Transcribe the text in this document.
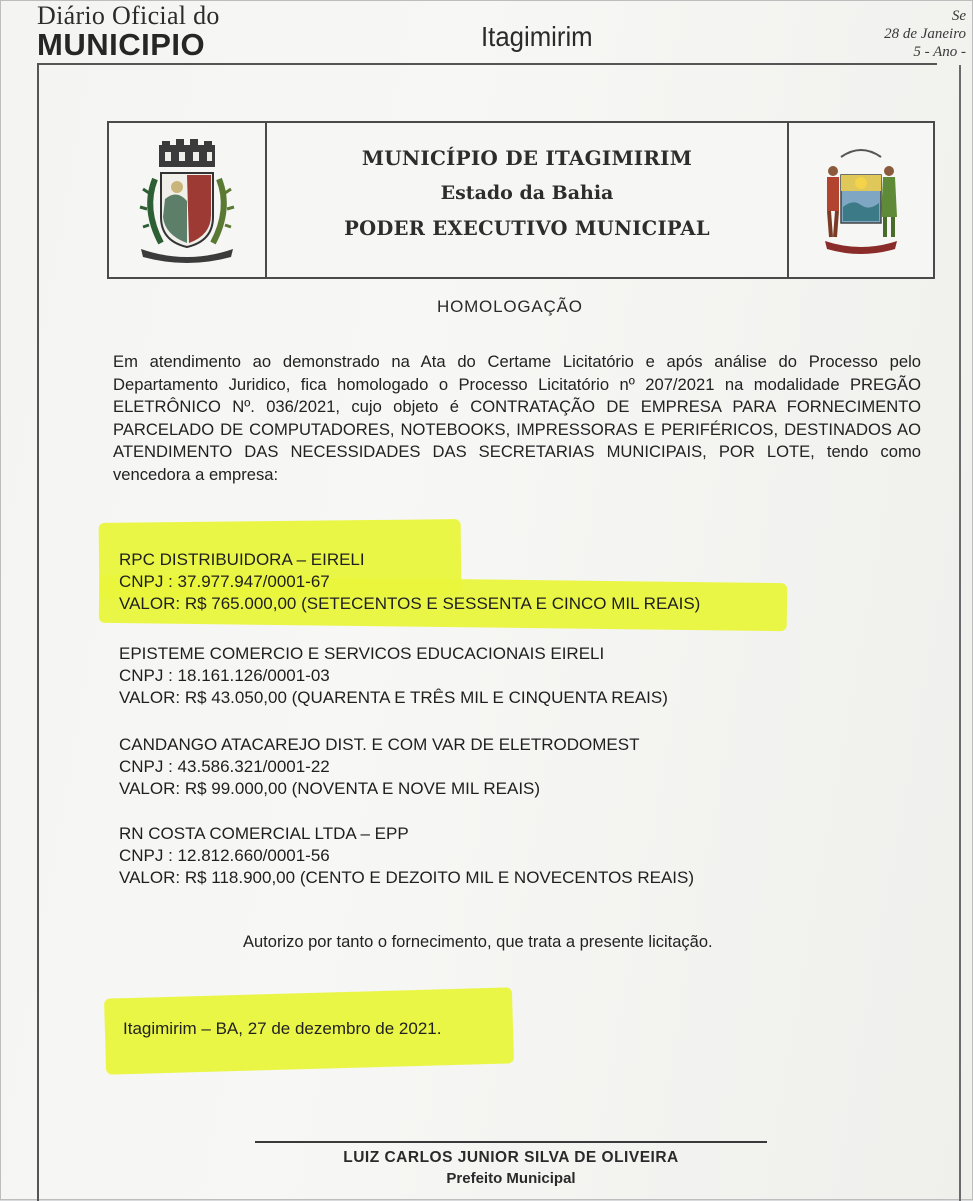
Diário Oficial do
MUNICIPIO	Itagimirim
Se
28 de Janeiro
5 - Ano -
MUNICÍPIO DE ITAGIMIRIM
Estado da Bahia
PODER EXECUTIVO MUNICIPAL
HOMOLOGAÇÃO
Em atendimento ao demonstrado na Ata do Certame Licitatório e após análise do Processo pelo Departamento Juridico, fica homologado o Processo Licitatório nº 207/2021 na modalidade PREGÃO ELETRÔNICO Nº. 036/2021, cujo objeto é CONTRATAÇÃO DE EMPRESA PARA FORNECIMENTO PARCELADO DE COMPUTADORES, NOTEBOOKS, IMPRESSORAS E PERIFÉRICOS, DESTINADOS AO ATENDIMENTO DAS NECESSIDADES DAS SECRETARIAS MUNICIPAIS, POR LOTE, tendo como vencedora a empresa:
RPC DISTRIBUIDORA – EIRELI
CNPJ : 37.977.947/0001-67
VALOR: R$ 765.000,00 (SETECENTOS E SESSENTA E CINCO MIL REAIS)
EPISTEME COMERCIO E SERVICOS EDUCACIONAIS EIRELI
CNPJ : 18.161.126/0001-03
VALOR: R$ 43.050,00 (QUARENTA E TRÊS MIL E CINQUENTA REAIS)
CANDANGO ATACAREJO DIST. E COM VAR DE ELETRODOMEST
CNPJ : 43.586.321/0001-22
VALOR: R$ 99.000,00 (NOVENTA E NOVE MIL REAIS)
RN COSTA COMERCIAL LTDA – EPP
CNPJ : 12.812.660/0001-56
VALOR: R$ 118.900,00 (CENTO E DEZOITO MIL E NOVECENTOS REAIS)
Autorizo por tanto o fornecimento, que trata a presente licitação.
Itagimirim – BA, 27 de dezembro de 2021.
LUIZ CARLOS JUNIOR SILVA DE OLIVEIRA
Prefeito Municipal
